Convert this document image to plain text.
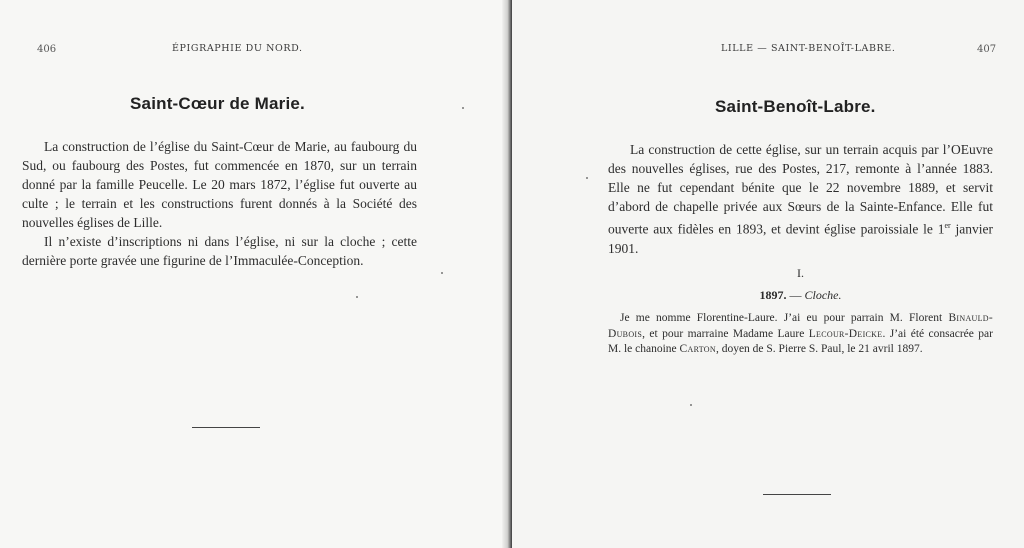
406	ÉPIGRAPHIE DU NORD.
Saint-Cœur de Marie.

La construction de l’église du Saint-Cœur de Marie, au faubourg du Sud, ou faubourg des Postes, fut commencée en 1870, sur un terrain donné par la famille Peucelle. Le 20 mars 1872, l’église fut ouverte au culte ; le terrain et les constructions furent donnés à la Société des nouvelles églises de Lille.

Il n’existe d’inscriptions ni dans l’église, ni sur la cloche ; cette dernière porte gravée une figurine de l’Immaculée-Conception.

LILLE — SAINT-BENOÎT-LABRE.	407
Saint-Benoît-Labre.

La construction de cette église, sur un terrain acquis par l’OEuvre des nouvelles églises, rue des Postes, 217, remonte à l’année 1883. Elle ne fut cependant bénite que le 22 novembre 1889, et servit d’abord de chapelle privée aux Sœurs de la Sainte-Enfance. Elle fut ouverte aux fidèles en 1893, et devint église paroissiale le 1er janvier 1901.

I.
1897. — Cloche.

Je me nomme Florentine-Laure. J’ai eu pour parrain M. Florent Binauld-Dubois, et pour marraine Madame Laure Lecour-Deicke. J’ai été consacrée par M. le chanoine Carton, doyen de S. Pierre S. Paul, le 21 avril 1897.
